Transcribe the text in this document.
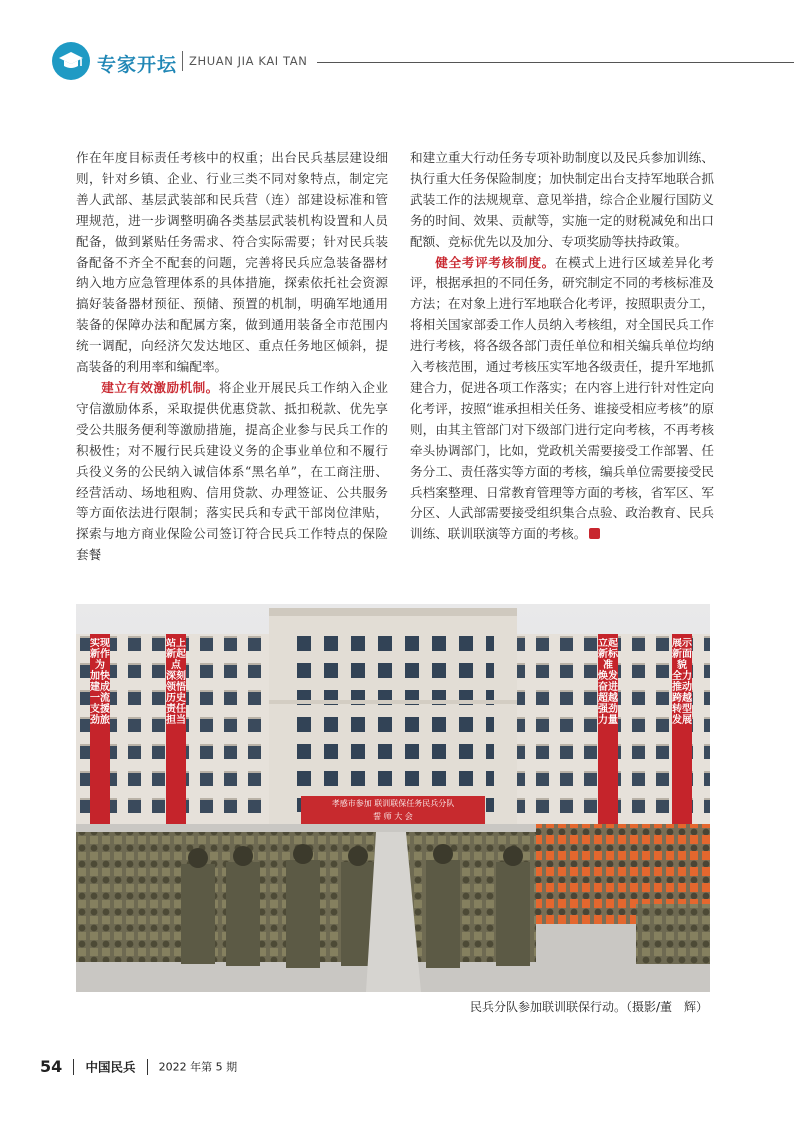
专家开坛 ZHUAN JIA KAI TAN

作在年度目标责任考核中的权重；出台民兵基层建设细则，针对乡镇、企业、行业三类不同对象特点，制定完善人武部、基层武装部和民兵营（连）部建设标准和管理规范，进一步调整明确各类基层武装机构设置和人员配备，做到紧贴任务需求、符合实际需要；针对民兵装备配备不齐全不配套的问题，完善将民兵应急装备器材纳入地方应急管理体系的具体措施，探索依托社会资源搞好装备器材预征、预储、预置的机制，明确军地通用装备的保障办法和配属方案，做到通用装备全市范围内统一调配，向经济欠发达地区、重点任务地区倾斜，提高装备的利用率和编配率。

建立有效激励机制。将企业开展民兵工作纳入企业守信激励体系，采取提供优惠贷款、抵扣税款、优先享受公共服务便利等激励措施，提高企业参与民兵工作的积极性；对不履行民兵建设义务的企事业单位和不履行兵役义务的公民纳入诚信体系“黑名单”，在工商注册、经营活动、场地租购、信用贷款、办理签证、公共服务等方面依法进行限制；落实民兵和专武干部岗位津贴，探索与地方商业保险公司签订符合民兵工作特点的保险套餐

和建立重大行动任务专项补助制度以及民兵参加训练、执行重大任务保险制度；加快制定出台支持军地联合抓武装工作的法规规章、意见举措，综合企业履行国防义务的时间、效果、贡献等，实施一定的财税减免和出口配额、竞标优先以及加分、专项奖励等扶持政策。

健全考评考核制度。在模式上进行区域差异化考评，根据承担的不同任务，研究制定不同的考核标准及方法；在对象上进行军地联合化考评，按照职责分工，将相关国家部委工作人员纳入考核组，对全国民兵工作进行考核，将各级各部门责任单位和相关编兵单位均纳入考核范围，通过考核压实军地各级责任，提升军地抓建合力，促进各项工作落实；在内容上进行针对性定向化考评，按照“谁承担相关任务、谁接受相应考核”的原则，由其主管部门对下级部门进行定向考核，不再考核牵头协调部门，比如，党政机关需要接受工作部署、任务分工、责任落实等方面的考核，编兵单位需要接受民兵档案整理、日常教育管理等方面的考核，省军区、军分区、人武部需要接受组织集合点验、政治教育、民兵训练、联训联演等方面的考核。

实现新作为 加快建成一流支援劲旅
站上新起点 深刻领悟历史责任担当
立起新标准 焕发奋进超越强劲力量
展示新面貌 全力推动跨越转型发展
孝感市参加 联训联保任务民兵分队
誓 师 大 会
民兵分队参加联训联保行动。（摄影/董　辉）
54 中国民兵 2022 年第 5 期
